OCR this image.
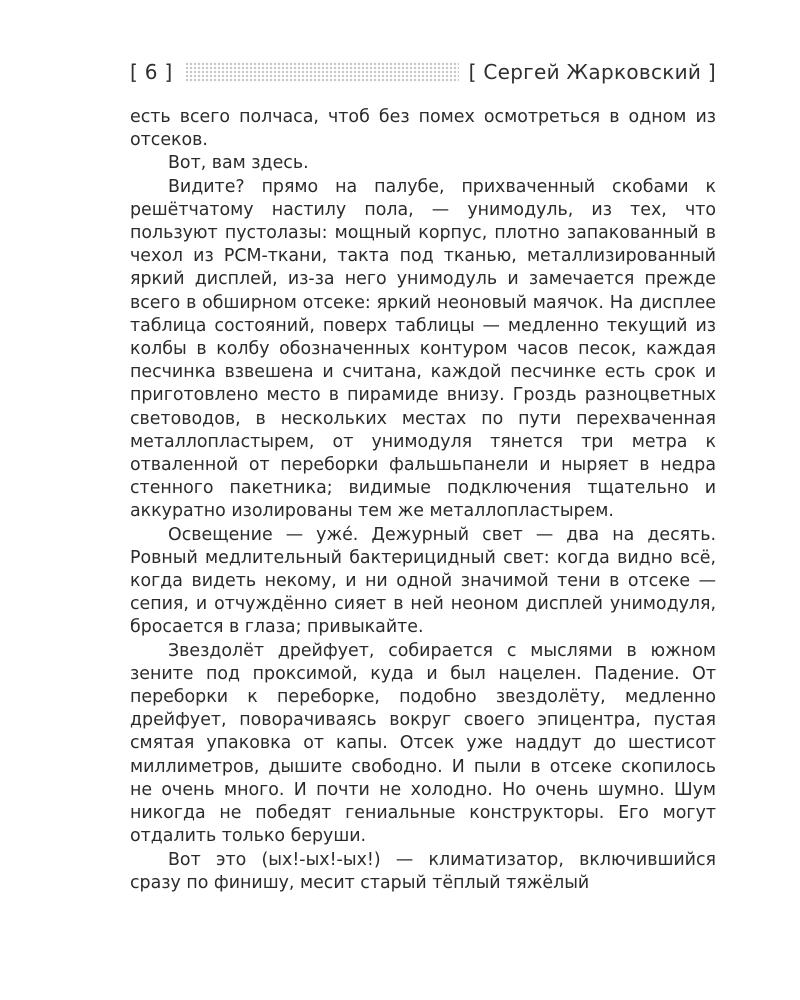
[ 6 ]	[ Сергей Жарковский ]

есть всего полчаса, чтоб без помех осмотреться в одном из отсеков.

Вот, вам здесь.

Видите? прямо на палубе, прихваченный скобами к решётчатому настилу пола, — унимодуль, из тех, что пользуют пустолазы: мощный корпус, плотно запакованный в чехол из РСМ-ткани, такта под тканью, металлизированный яркий дисплей, из-за него унимодуль и замечается прежде всего в обширном отсеке: яркий неоновый маячок. На дисплее таблица состояний, поверх таблицы — медленно текущий из колбы в колбу обозначенных контуром часов песок, каждая песчинка взвешена и считана, каждой песчинке есть срок и приготовлено место в пирамиде внизу. Гроздь разноцветных световодов, в нескольких местах по пути перехваченная металлопластырем, от унимодуля тянется три метра к отваленной от переборки фальшьпанели и ныряет в недра стенного пакетника; видимые подключения тщательно и аккуратно изолированы тем же металлопластырем.

Освещение — ужé. Дежурный свет — два на десять. Ровный медлительный бактерицидный свет: когда видно всё, когда видеть некому, и ни одной значимой тени в отсеке — сепия, и отчуждённо сияет в ней неоном дисплей унимодуля, бросается в глаза; привыкайте.

Звездолёт дрейфует, собирается с мыслями в южном зените под проксимой, куда и был нацелен. Падение. От переборки к переборке, подобно звездолёту, медленно дрейфует, поворачиваясь вокруг своего эпицентра, пустая смятая упаковка от капы. Отсек уже наддут до шестисот миллиметров, дышите свободно. И пыли в отсеке скопилось не очень много. И почти не холодно. Но очень шумно. Шум никогда не победят гениальные конструкторы. Его могут отдалить только беруши.

Вот это (ых!-ых!-ых!) — климатизатор, включившийся сразу по финишу, месит старый тёплый тяжёлый
